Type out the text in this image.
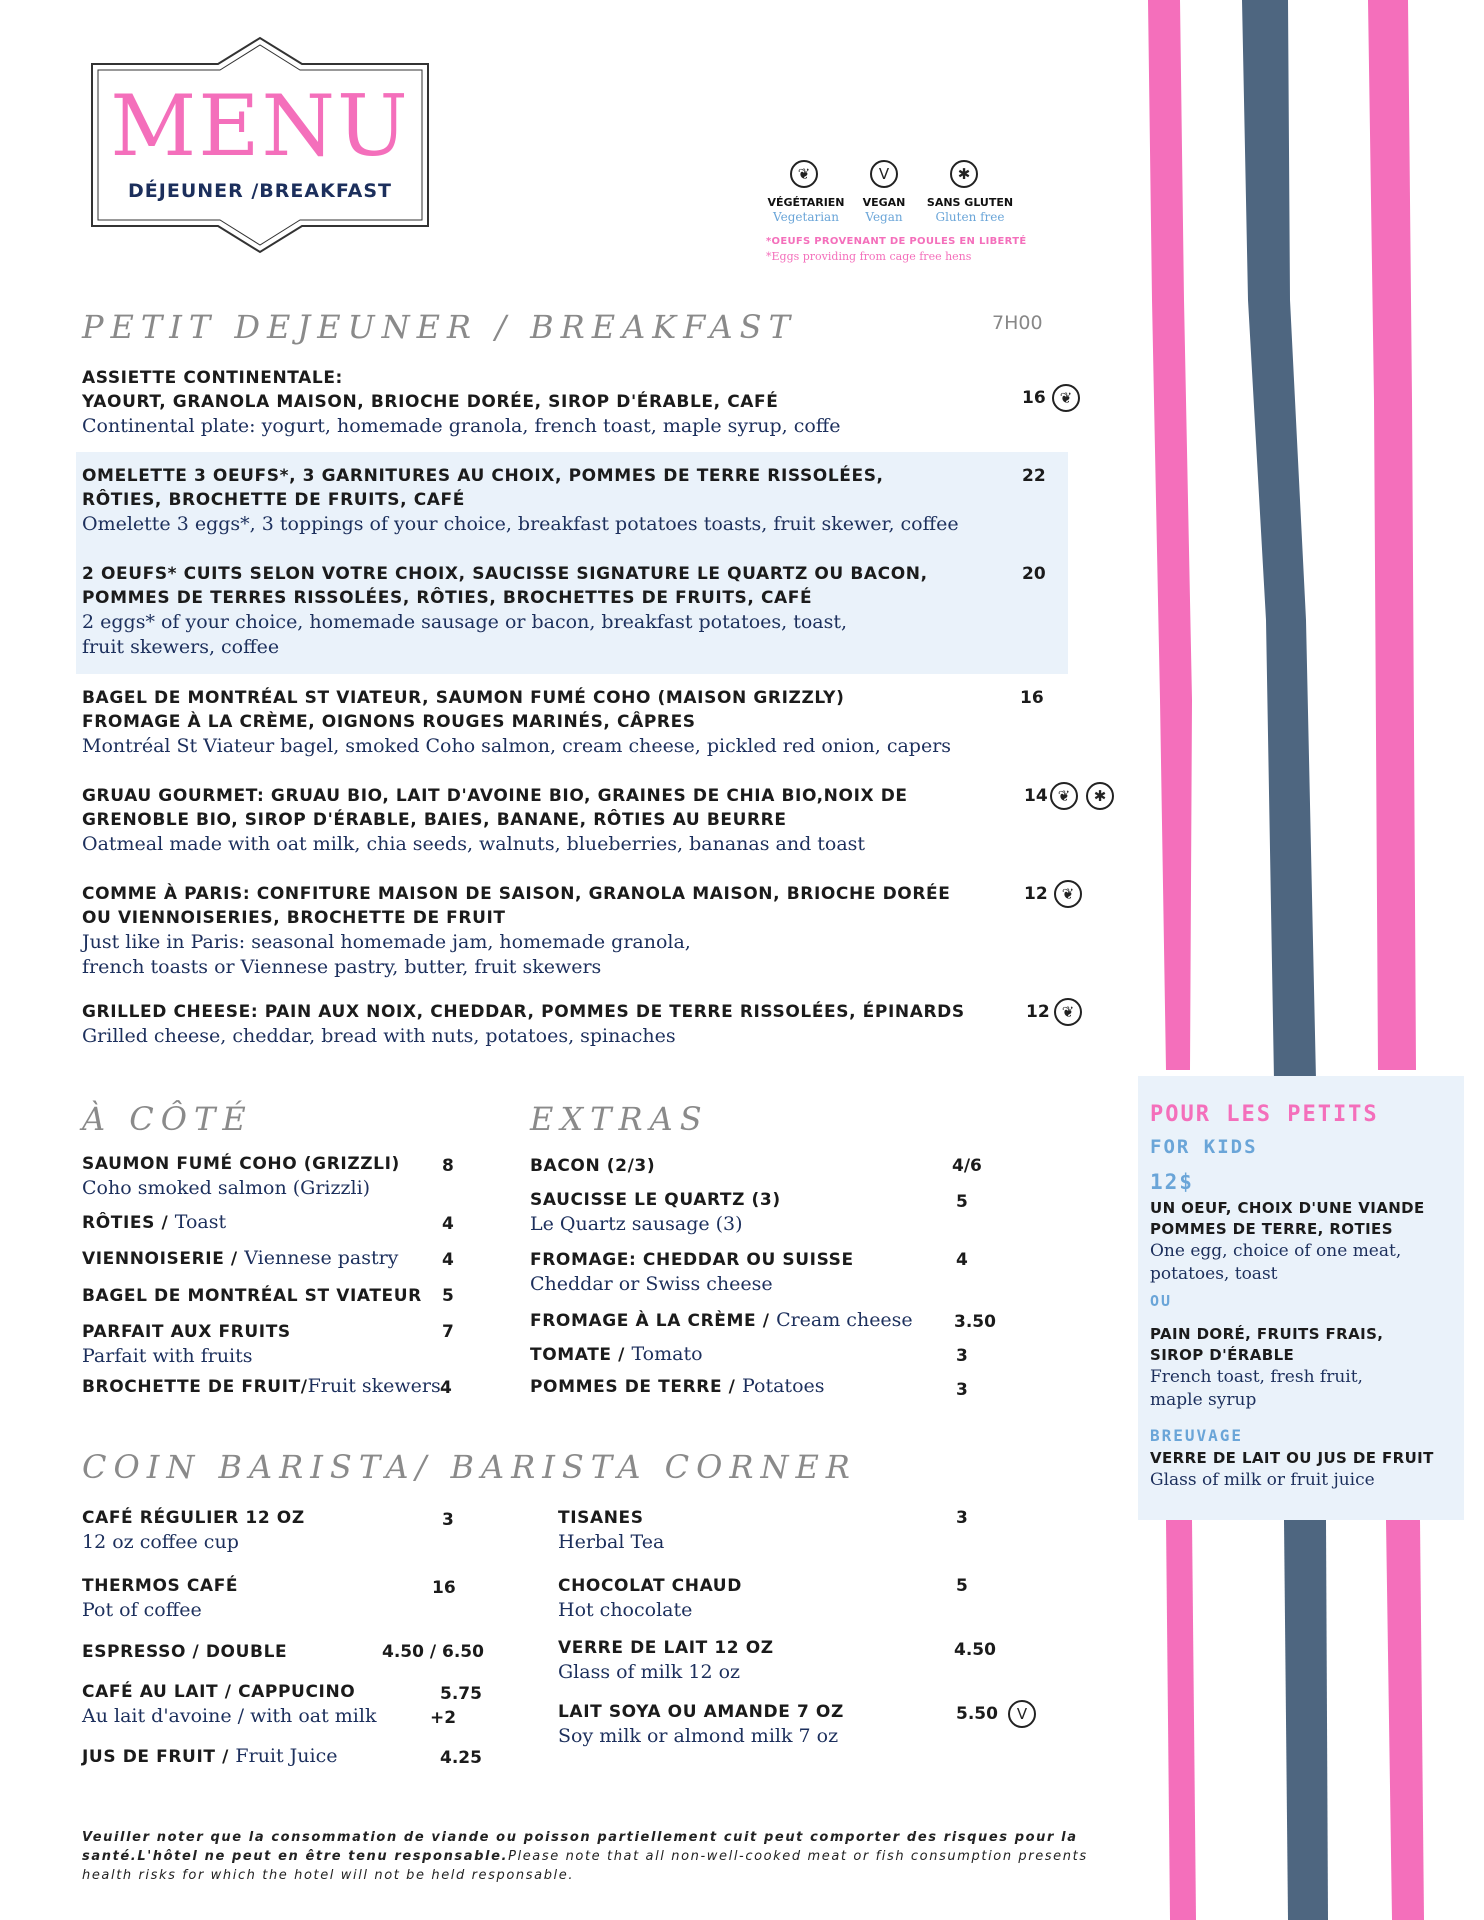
MENU
DÉJEUNER /BREAKFAST
❦	V	✱
VÉGÉTARIEN
Vegetarian
VEGAN
Vegan
SANS GLUTEN
Gluten free
*OEUFS PROVENANT DE POULES EN LIBERTÉ
*Eggs providing from cage free hens
PETIT DEJEUNER / BREAKFAST	7H00
ASSIETTE CONTINENTALE:
YAOURT, GRANOLA MAISON, BRIOCHE DORÉE, SIROP D'ÉRABLE, CAFÉ
Continental plate: yogurt, homemade granola, french toast, maple syrup, coffe
16 ❦
OMELETTE 3 OEUFS*, 3 GARNITURES AU CHOIX, POMMES DE TERRE RISSOLÉES,
RÔTIES, BROCHETTE DE FRUITS, CAFÉ
Omelette 3 eggs*, 3 toppings of your choice, breakfast potatoes toasts, fruit skewer, coffee
22
2 OEUFS* CUITS SELON VOTRE CHOIX, SAUCISSE SIGNATURE LE QUARTZ OU BACON,
POMMES DE TERRES RISSOLÉES, RÔTIES, BROCHETTES DE FRUITS, CAFÉ
2 eggs* of your choice, homemade sausage or bacon, breakfast potatoes, toast,
fruit skewers, coffee
20
BAGEL DE MONTRÉAL ST VIATEUR, SAUMON FUMÉ COHO (MAISON GRIZZLY)
FROMAGE À LA CRÈME, OIGNONS ROUGES MARINÉS, CÂPRES
Montréal St Viateur bagel, smoked Coho salmon, cream cheese, pickled red onion, capers
16
GRUAU GOURMET: GRUAU BIO, LAIT D'AVOINE BIO, GRAINES DE CHIA BIO,NOIX DE
GRENOBLE BIO, SIROP D'ÉRABLE, BAIES, BANANE, RÔTIES AU BEURRE
Oatmeal made with oat milk, chia seeds, walnuts, blueberries, bananas and toast
14 ❦	✱
COMME À PARIS: CONFITURE MAISON DE SAISON, GRANOLA MAISON, BRIOCHE DORÉE
OU VIENNOISERIES, BROCHETTE DE FRUIT
Just like in Paris: seasonal homemade jam, homemade granola,
french toasts or Viennese pastry, butter, fruit skewers
12 ❦
GRILLED CHEESE: PAIN AUX NOIX, CHEDDAR, POMMES DE TERRE RISSOLÉES, ÉPINARDS
Grilled cheese, cheddar, bread with nuts, potatoes, spinaches
12 ❦
À CÔTÉ
SAUMON FUMÉ COHO (GRIZZLI)
Coho smoked salmon (Grizzli)
8
RÔTIES / Toast	4
VIENNOISERIE / Viennese pastry	4
BAGEL DE MONTRÉAL ST VIATEUR 5
PARFAIT AUX FRUITS
Parfait with fruits
7
BROCHETTE DE FRUIT/Fruit skewers 4
EXTRAS
BACON (2/3)	4/6
SAUCISSE LE QUARTZ (3)
Le Quartz sausage (3)
5
FROMAGE: CHEDDAR OU SUISSE
Cheddar or Swiss cheese
4
FROMAGE À LA CRÈME / Cream cheese 3.50
TOMATE / Tomato	3
POMMES DE TERRE / Potatoes	3
COIN BARISTA/ BARISTA CORNER
CAFÉ RÉGULIER 12 OZ
12 oz coffee cup
3
THERMOS CAFÉ
Pot of coffee
16
ESPRESSO / DOUBLE	4.50 / 6.50
CAFÉ AU LAIT / CAPPUCINO
Au lait d'avoine / with oat milk
5.75
+2
JUS DE FRUIT / Fruit Juice	4.25
TISANES
Herbal Tea
3
CHOCOLAT CHAUD
Hot chocolate
5
VERRE DE LAIT 12 OZ
Glass of milk 12 oz
4.50
LAIT SOYA OU AMANDE 7 OZ
Soy milk or almond milk 7 oz
5.50	V
POUR LES PETITS
FOR KIDS
12$
UN OEUF, CHOIX D'UNE VIANDE
POMMES DE TERRE, ROTIES
One egg, choice of one meat,
potatoes, toast
OU
PAIN DORÉ, FRUITS FRAIS,
SIROP D'ÉRABLE
French toast, fresh fruit,
maple syrup
BREUVAGE
VERRE DE LAIT OU JUS DE FRUIT
Glass of milk or fruit juice
Veuiller noter que la consommation de viande ou poisson partiellement cuit peut comporter des risques pour la santé.L'hôtel ne peut en être tenu responsable.Please note that all non-well-cooked meat or fish consumption presents health risks for which the hotel will not be held responsable.
